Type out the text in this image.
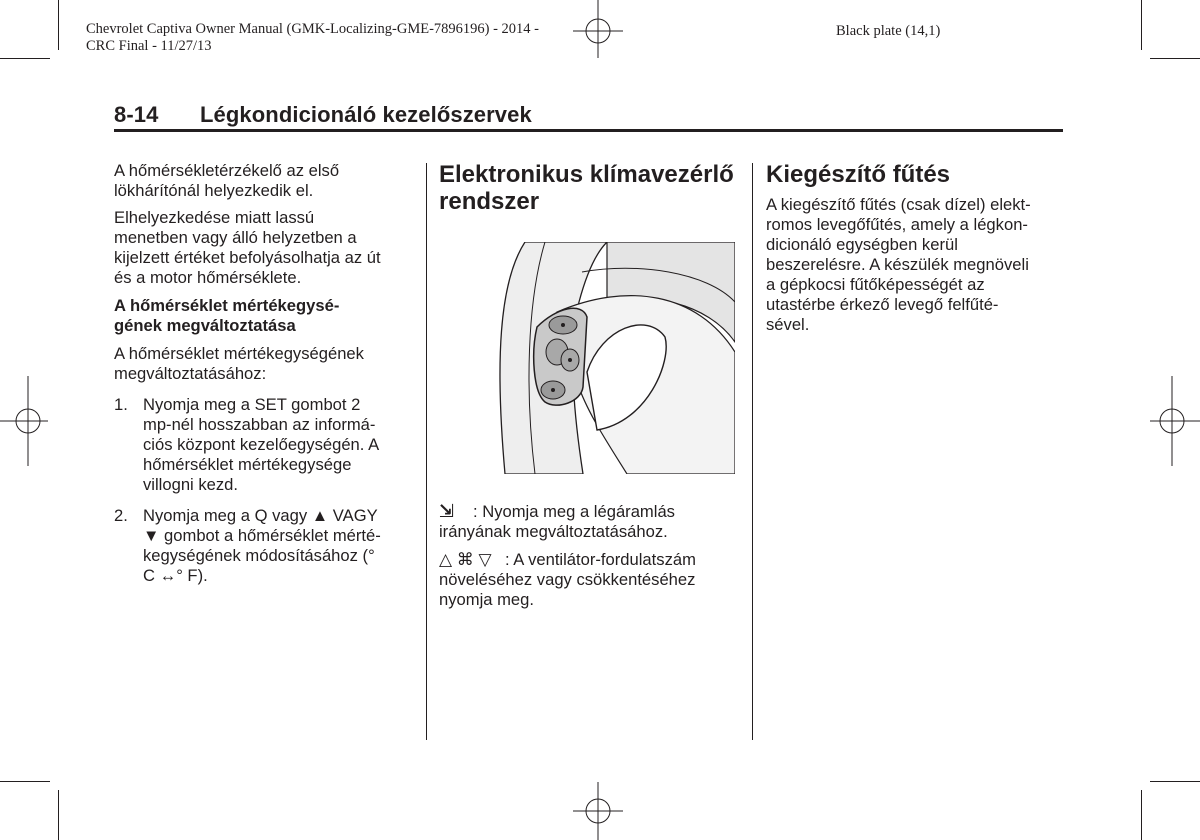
Chevrolet Captiva Owner Manual (GMK-Localizing-GME-7896196) - 2014 -
CRC Final - 11/27/13
Black plate (14,1)
8-14 Légkondicionáló kezelőszervek

A hőmérsékletérzékelő az első
lökhárítónál helyezkedik el.

Elhelyezkedése miatt lassú
menetben vagy álló helyzetben a
kijelzett értéket befolyásolhatja az út
és a motor hőmérséklete.

A hőmérséklet mértékegysé-
gének megváltoztatása

A hőmérséklet mértékegységének
megváltoztatásához:

1. Nyomja meg a SET gombot 2
mp-nél hosszabban az informá-
ciós központ kezelőegységén. A
hőmérséklet mértékegysége
villogni kezd.
2. Nyomja meg a Q vagy ▲ VAGY
▼ gombot a hőmérséklet mérté-
kegységének módosításához (°
C ↔° F).

Elektronikus klímavezérlő
rendszer

⇲	: Nyomja meg a légáramlás
irányának megváltoztatásához.

△ ⌘ ▽ : A ventilátor-fordulatszám
növeléséhez vagy csökkentéséhez
nyomja meg.

Kiegészítő fűtés

A kiegészítő fűtés (csak dízel) elekt-
romos levegőfűtés, amely a légkon-
dicionáló egységben kerül
beszerelésre. A készülék megnöveli
a gépkocsi fűtőképességét az
utastérbe érkező levegő felfűté-
sével.
